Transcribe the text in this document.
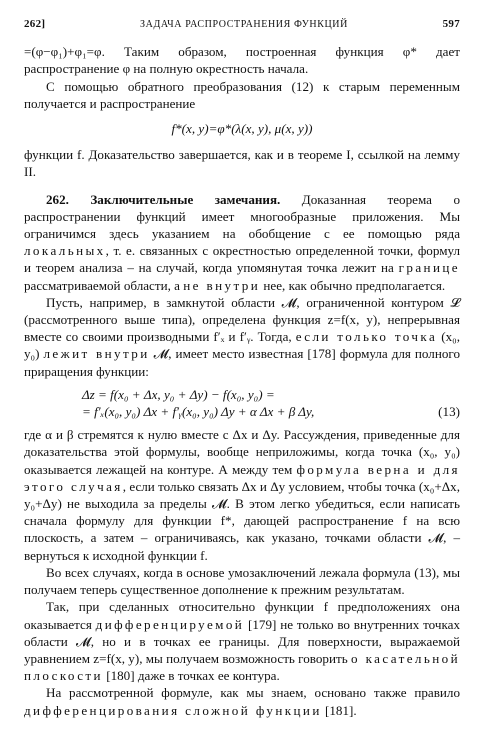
262]	ЗАДАЧА РАСПРОСТРАНЕНИЯ ФУНКЦИЙ	597

=(φ−φ₁)+φ₁=φ. Таким образом, построенная функция φ* дает распространение φ на полную окрестность начала.

С помощью обратного преобразования (12) к старым переменным получается и распространение

f*(x, y)=φ*(λ(x, y), μ(x, y))

функции f. Доказательство завершается, как и в теореме I, ссылкой на лемму II.

262. Заключительные замечания. Доказанная теорема о распространении функций имеет многообразные приложения. Мы ограничимся здесь указанием на обобщение с ее помощью ряда локальных, т. е. связанных с окрестностью определенной точки, формул и теорем анализа – на случай, когда упомянутая точка лежит на границе рассматриваемой области, а не внутри нее, как обычно предполагается.

Пусть, например, в замкнутой области 𝓜, ограниченной контуром 𝓛 (рассмотренного выше типа), определена функция z=f(x, y), непрерывная вместе со своими производными f′ₓ и f′ᵧ. Тогда, если только точка (x₀, y₀) лежит внутри 𝓜, имеет место известная [178] формула для полного приращения функции:

Δz = f(x₀ + Δx, y₀ + Δy) − f(x₀, y₀) =
= f′ₓ(x₀, y₀) Δx + f′ᵧ(x₀, y₀) Δy + α Δx + β Δy,	(13)

где α и β стремятся к нулю вместе с Δx и Δy. Рассуждения, приведенные для доказательства этой формулы, вообще неприложимы, когда точка (x₀, y₀) оказывается лежащей на контуре. А между тем формула верна и для этого случая, если только связать Δx и Δy условием, чтобы точка (x₀+Δx, y₀+Δy) не выходила за пределы 𝓜. В этом легко убедиться, если написать сначала формулу для функции f*, дающей распространение f на всю плоскость, а затем – ограничиваясь, как указано, точками области 𝓜, – вернуться к исходной функции f.

Во всех случаях, когда в основе умозаключений лежала формула (13), мы получаем теперь существенное дополнение к прежним результатам.

Так, при сделанных относительно функции f предположениях она оказывается дифференцируемой [179] не только во внутренних точках области 𝓜, но и в точках ее границы. Для поверхности, выражаемой уравнением z=f(x, y), мы получаем возможность говорить о касательной плоскости [180] даже в точках ее контура.

На рассмотренной формуле, как мы знаем, основано также правило дифференцирования сложной функции [181].
